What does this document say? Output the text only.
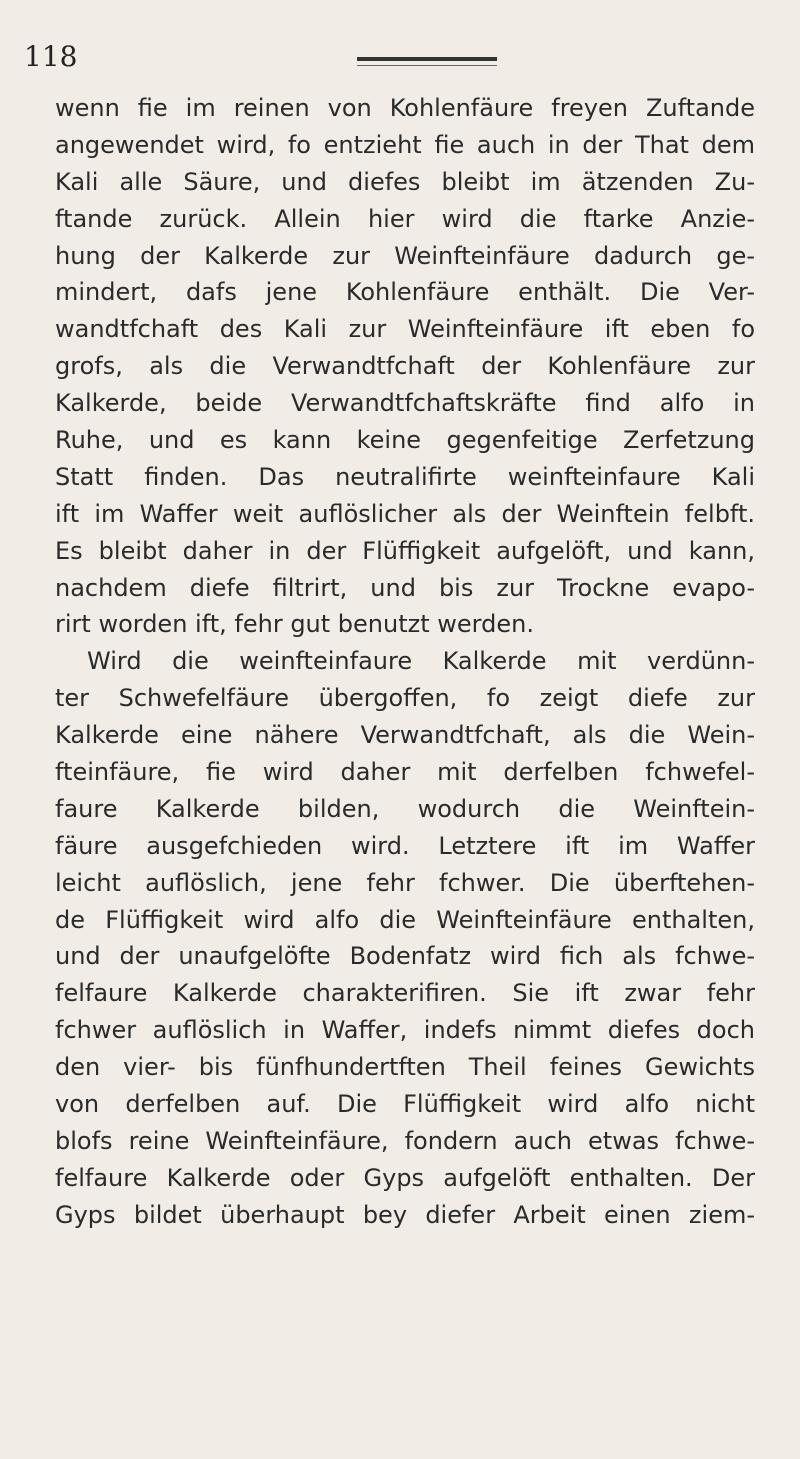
118
wenn fie im reinen von Kohlenfäure freyen Zuftande
angewendet wird, fo entzieht fie auch in der That dem
Kali alle Säure, und diefes bleibt im ätzenden Zu-
ftande zurück. Allein hier wird die ftarke Anzie-
hung der Kalkerde zur Weinfteinfäure dadurch ge-
mindert, dafs jene Kohlenfäure enthält. Die Ver-
wandtfchaft des Kali zur Weinfteinfäure ift eben fo
grofs, als die Verwandtfchaft der Kohlenfäure zur
Kalkerde, beide Verwandtfchaftskräfte find alfo in
Ruhe, und es kann keine gegenfeitige Zerfetzung
Statt finden. Das neutralifirte weinfteinfaure Kali
ift im Waffer weit auflöslicher als der Weinftein felbft.
Es bleibt daher in der Flüffigkeit aufgelöft, und kann,
nachdem diefe filtrirt, und bis zur Trockne evapo-
rirt worden ift, fehr gut benutzt werden.
Wird die weinfteinfaure Kalkerde mit verdünn-
ter Schwefelfäure übergoffen, fo zeigt diefe zur
Kalkerde eine nähere Verwandtfchaft, als die Wein-
fteinfäure, fie wird daher mit derfelben fchwefel-
faure Kalkerde bilden, wodurch die Weinftein-
fäure ausgefchieden wird. Letztere ift im Waffer
leicht auflöslich, jene fehr fchwer. Die überftehen-
de Flüffigkeit wird alfo die Weinfteinfäure enthalten,
und der unaufgelöfte Bodenfatz wird fich als fchwe-
felfaure Kalkerde charakterifiren. Sie ift zwar fehr
fchwer auflöslich in Waffer, indefs nimmt diefes doch
den vier- bis fünfhundertften Theil feines Gewichts
von derfelben auf. Die Flüffigkeit wird alfo nicht
blofs reine Weinfteinfäure, fondern auch etwas fchwe-
felfaure Kalkerde oder Gyps aufgelöft enthalten. Der
Gyps bildet überhaupt bey diefer Arbeit einen ziem-
